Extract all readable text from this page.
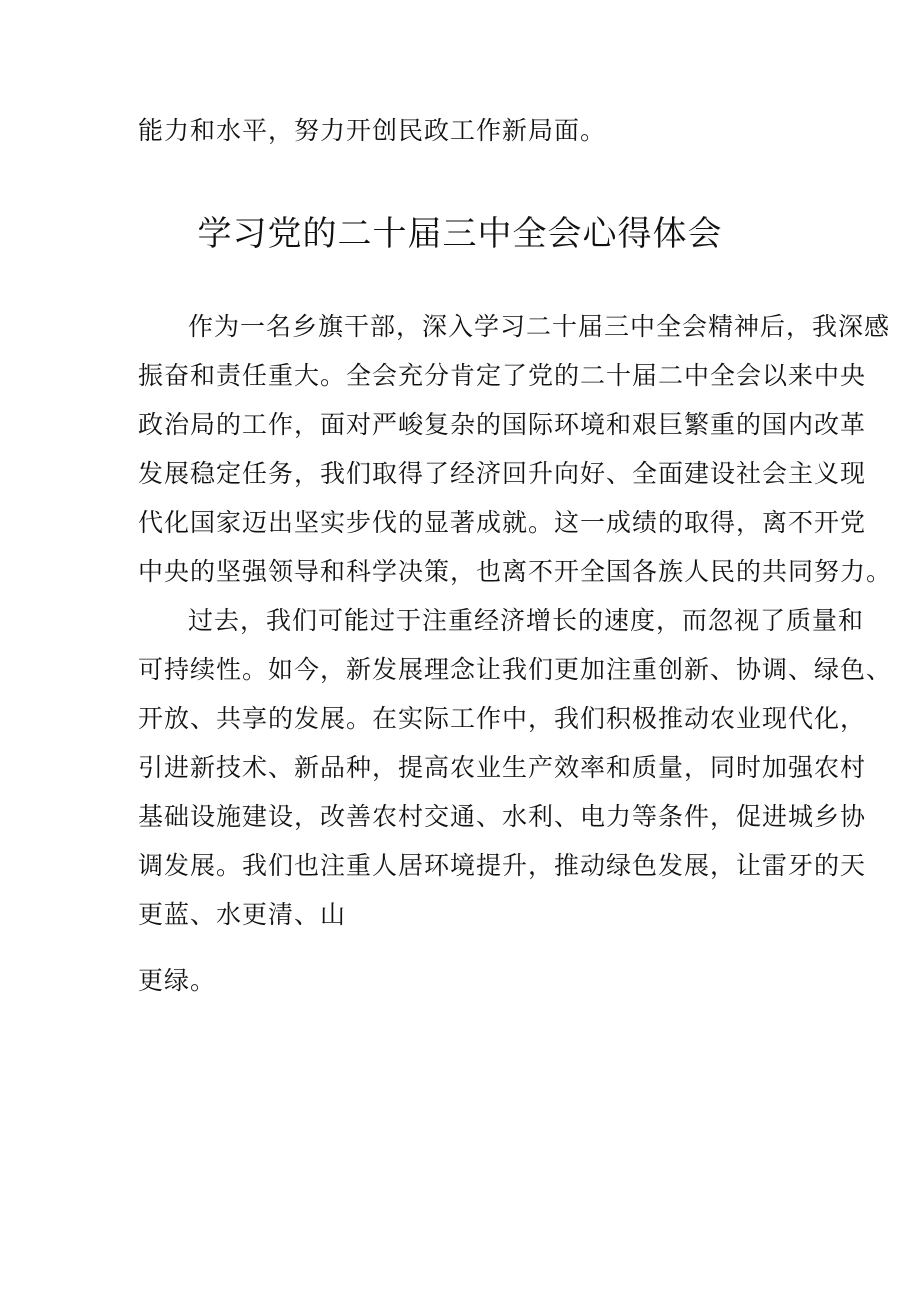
能力和水平，努力开创民政工作新局面。
学习党的二十届三中全会心得体会
作为一名乡旗干部，深入学习二十届三中全会精神后，我深感
振奋和责任重大。全会充分肯定了党的二十届二中全会以来中央
政治局的工作，面对严峻复杂的国际环境和艰巨繁重的国内改革
发展稳定任务，我们取得了经济回升向好、全面建设社会主义现
代化国家迈出坚实步伐的显著成就。这一成绩的取得，离不开党
中央的坚强领导和科学决策，也离不开全国各族人民的共同努力。
过去，我们可能过于注重经济增长的速度，而忽视了质量和
可持续性。如今，新发展理念让我们更加注重创新、协调、绿色、
开放、共享的发展。在实际工作中，我们积极推动农业现代化，
引进新技术、新品种，提高农业生产效率和质量，同时加强农村
基础设施建设，改善农村交通、水利、电力等条件，促进城乡协
调发展。我们也注重人居环境提升，推动绿色发展，让雷牙的天
更蓝、水更清、山
更绿。
